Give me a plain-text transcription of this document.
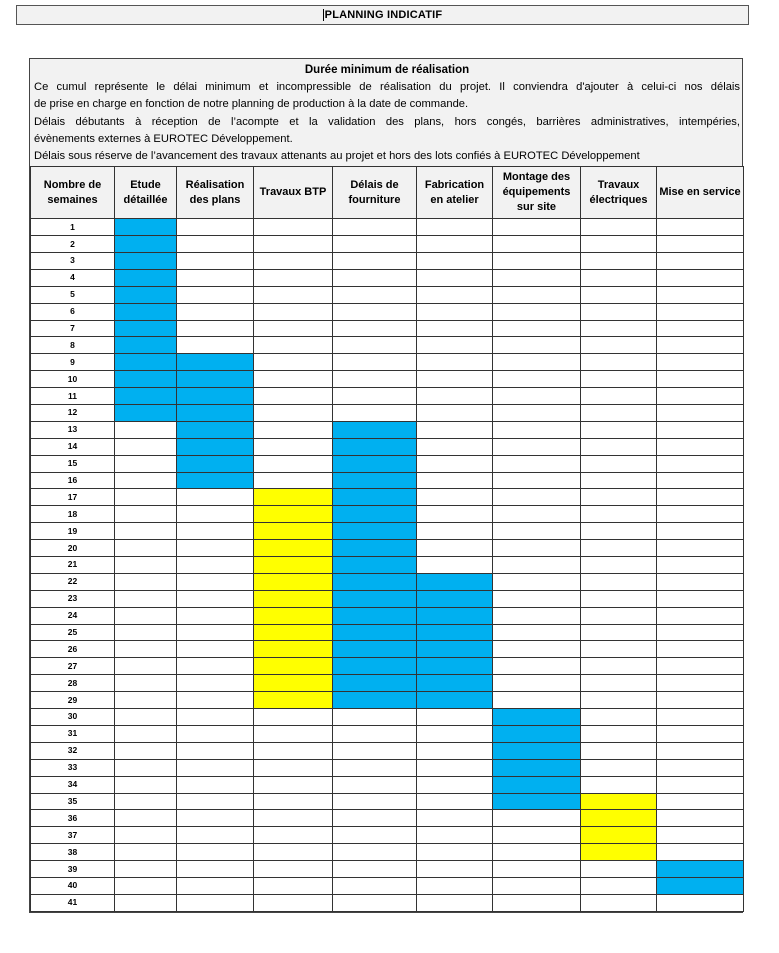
PLANNING INDICATIF
Durée minimum de réalisation
Ce cumul représente le délai minimum et incompressible de réalisation du projet. Il conviendra d'ajouter à celui-ci nos délais
de prise en charge en fonction de notre planning de production à la date de commande.
Délais débutants à réception de l’acompte et la validation des plans, hors congés, barrières administratives, intempéries,
évènements externes à EUROTEC Développement.
Délais sous réserve de l’avancement des travaux attenants au projet et hors des lots confiés à EUROTEC Développement
Nombre de semaines	Etude détaillée	Réalisation des plans	Travaux BTP	Délais de fourniture	Fabrication en atelier	Montage des équipements sur site	Travaux électriques	Mise en service
1								
2								
3								
4								
5								
6								
7								
8								
9								
10								
11								
12								
13								
14								
15								
16								
17								
18								
19								
20								
21								
22								
23								
24								
25								
26								
27								
28								
29								
30								
31								
32								
33								
34								
35								
36								
37								
38								
39								
40								
41								
